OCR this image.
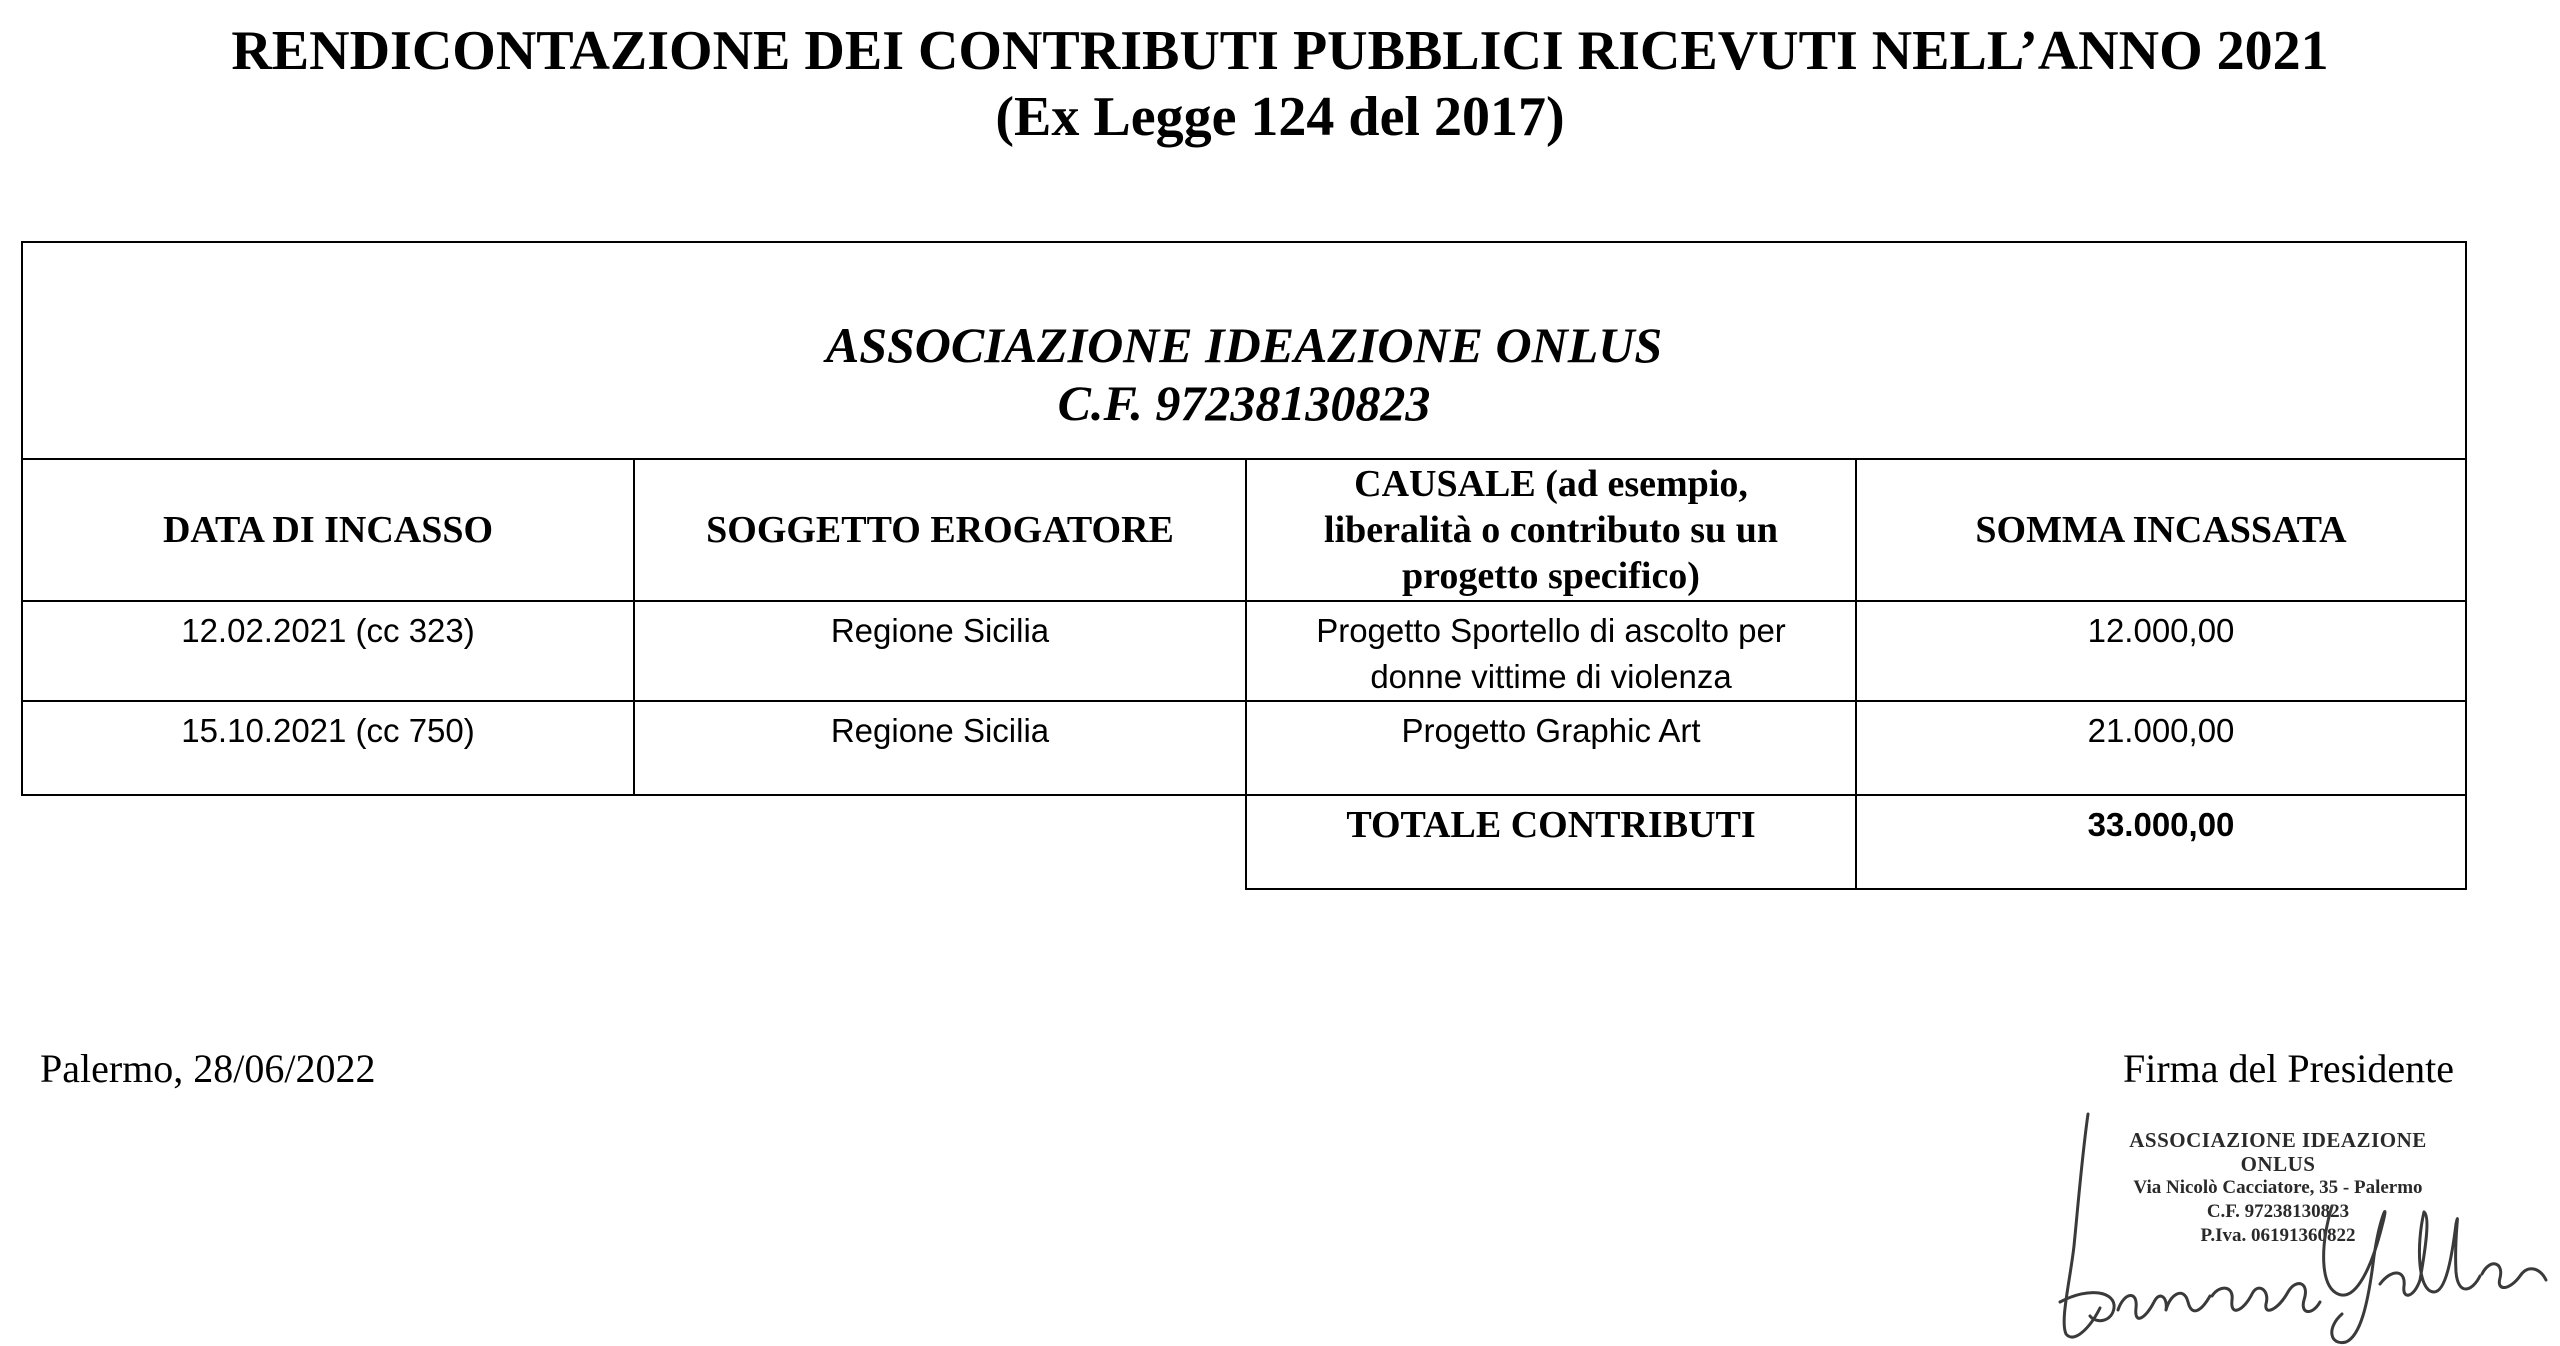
RENDICONTAZIONE DEI CONTRIBUTI PUBBLICI RICEVUTI NELL’ANNO 2021
(Ex Legge 124 del 2017)
ASSOCIAZIONE IDEAZIONE ONLUS
C.F. 97238130823			

DATA DI INCASSO	SOGGETTO EROGATORE	CAUSALE (ad esempio,
liberalità o contributo su un
progetto specifico)	SOMMA INCASSATA
12.02.2021 (cc 323)	Regione Sicilia	Progetto Sportello di ascolto per
donne vittime di violenza	12.000,00
15.10.2021 (cc 750)	Regione Sicilia	Progetto Graphic Art	21.000,00
		TOTALE CONTRIBUTI	33.000,00
Palermo, 28/06/2022	Firma del Presidente
ASSOCIAZIONE IDEAZIONE ONLUS
Via Nicolò Cacciatore, 35 - Palermo
C.F. 97238130823
P.Iva. 06191360822
